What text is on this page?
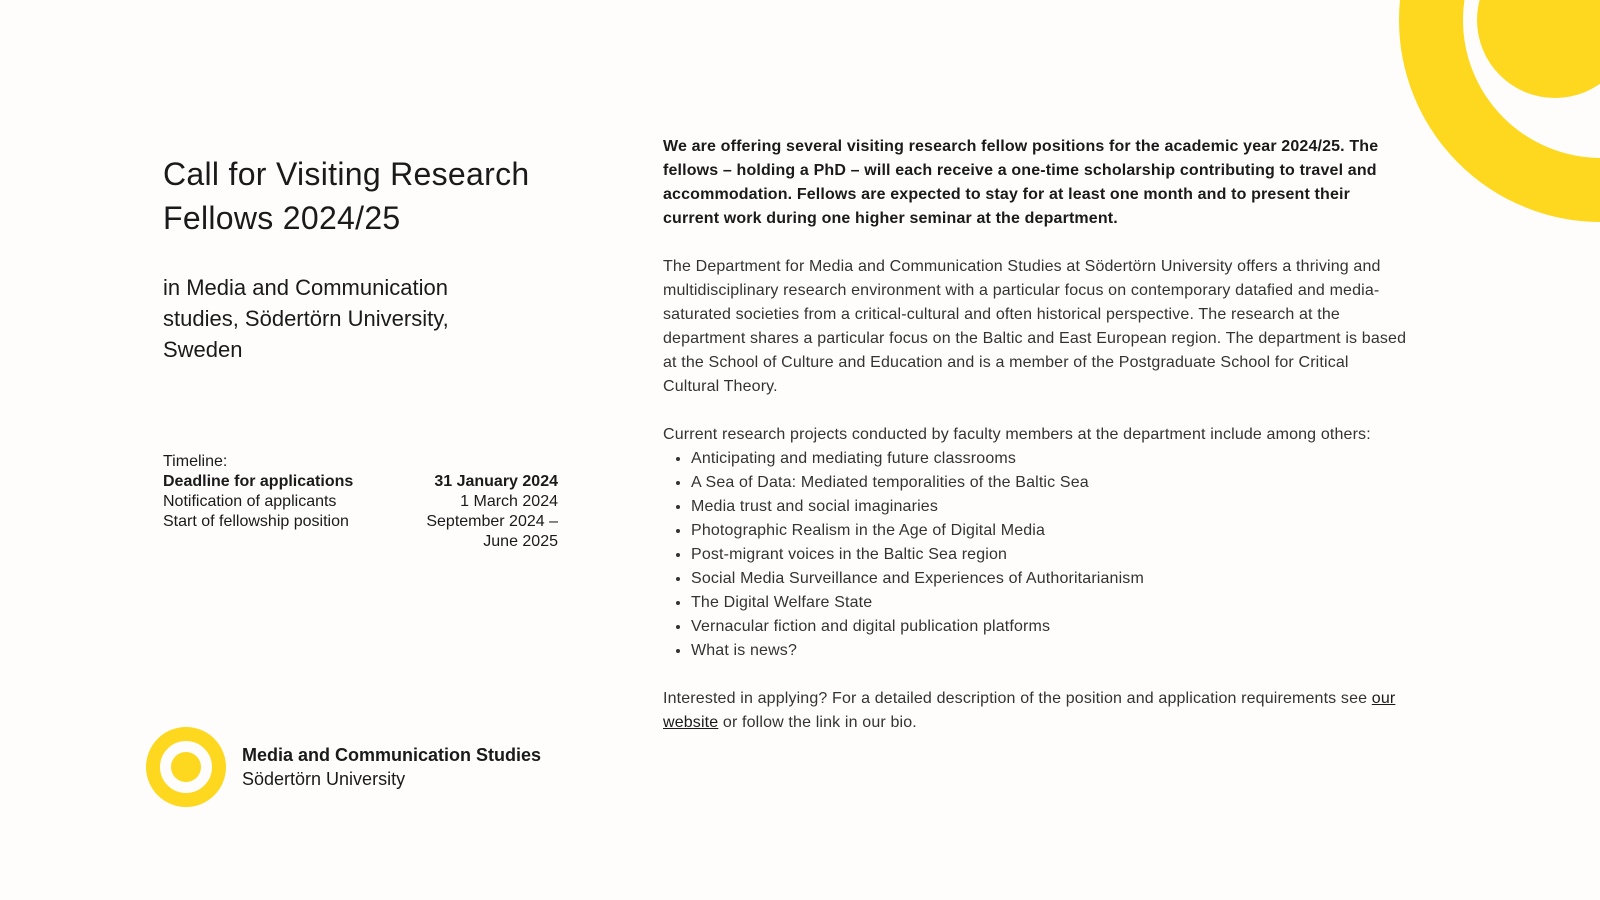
Call for Visiting Research Fellows 2024/25

in Media and Communication studies, Södertörn University, Sweden

Timeline:
Deadline for applications	31 January 2024
Notification of applicants	1 March 2024
Start of fellowship position	September 2024 – June 2025
Media and Communication Studies
Södertörn University

We are offering several visiting research fellow positions for the academic year 2024/25. The fellows – holding a PhD – will each receive a one-time scholarship contributing to travel and accommodation. Fellows are expected to stay for at least one month and to present their current work during one higher seminar at the department.

The Department for Media and Communication Studies at Södertörn University offers a thriving and multidisciplinary research environment with a particular focus on contemporary datafied and media-saturated societies from a critical-cultural and often historical perspective. The research at the department shares a particular focus on the Baltic and East European region. The department is based at the School of Culture and Education and is a member of the Postgraduate School for Critical Cultural Theory.

Current research projects conducted by faculty members at the department include among others:

• Anticipating and mediating future classrooms
• A Sea of Data: Mediated temporalities of the Baltic Sea
• Media trust and social imaginaries
• Photographic Realism in the Age of Digital Media
• Post-migrant voices in the Baltic Sea region
• Social Media Surveillance and Experiences of Authoritarianism
• The Digital Welfare State
• Vernacular fiction and digital publication platforms
• What is news?

Interested in applying? For a detailed description of the position and application requirements see our website or follow the link in our bio.
